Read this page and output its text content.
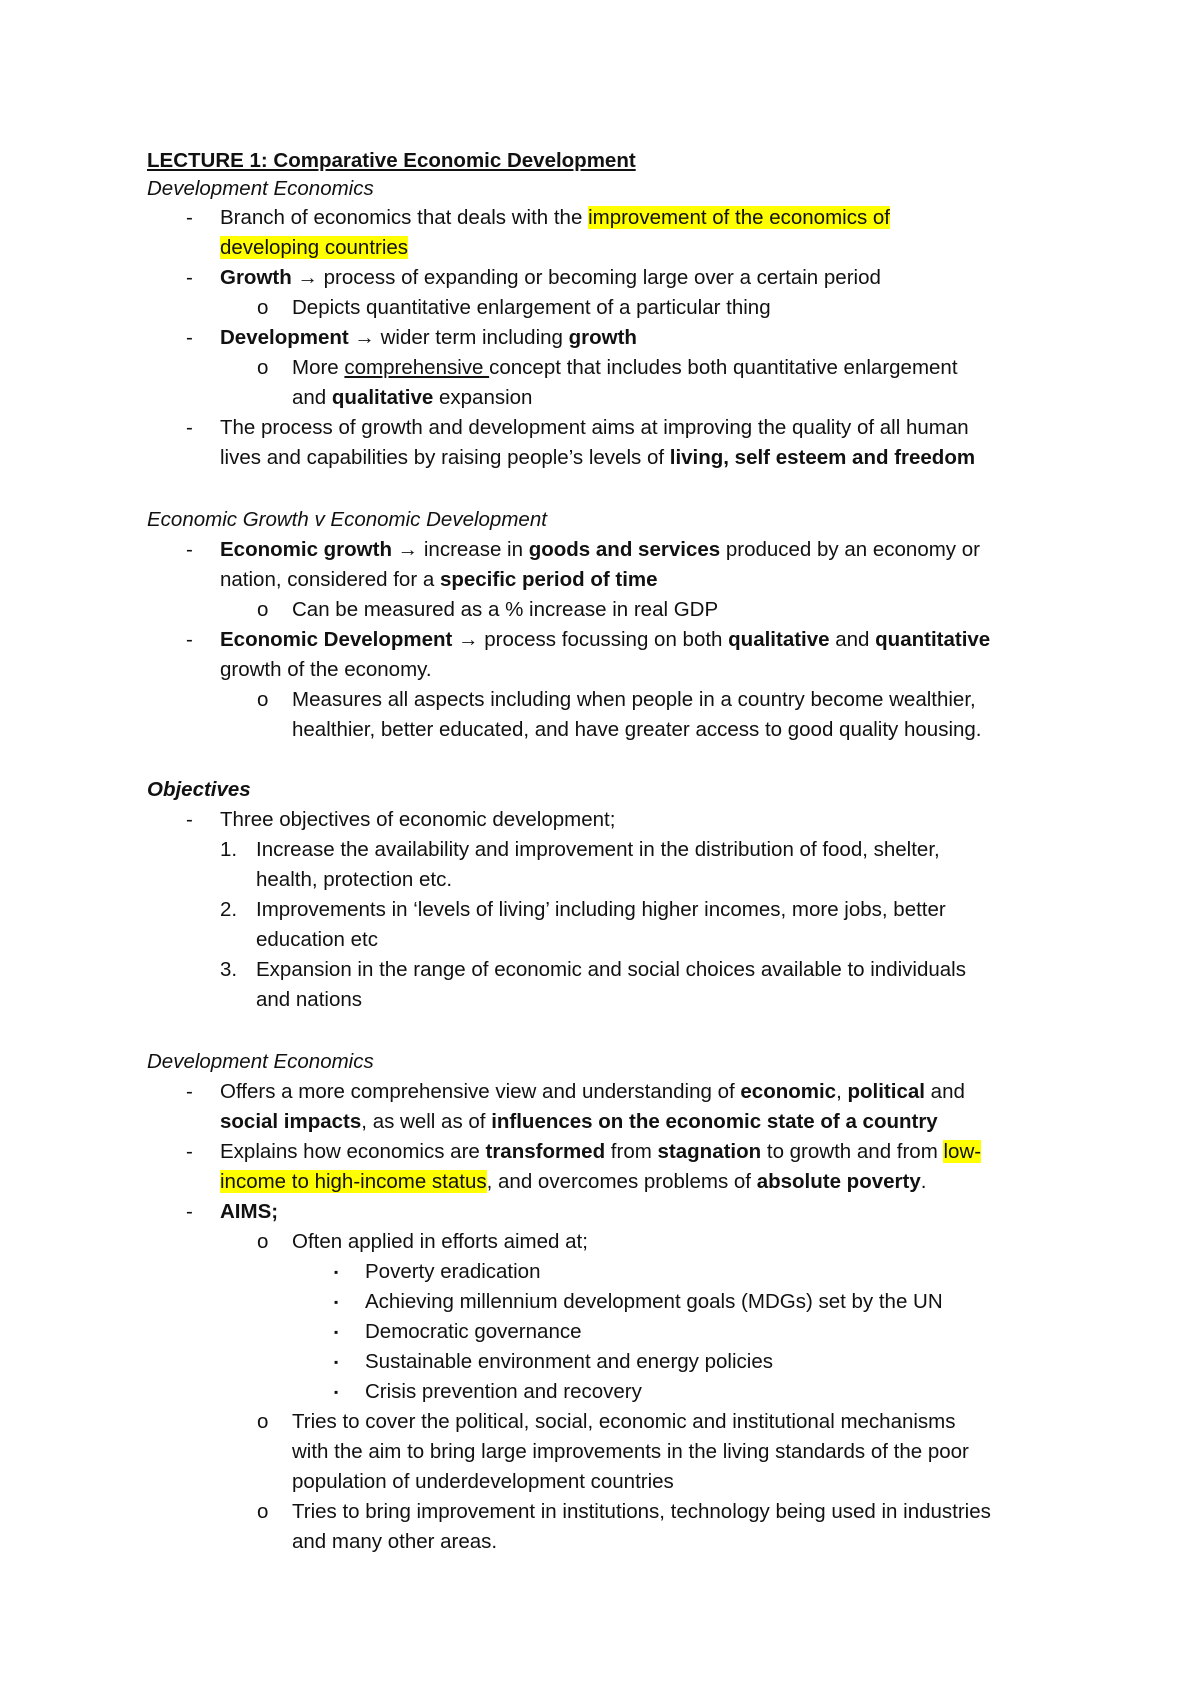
LECTURE 1: Comparative Economic Development
Development Economics
- Branch of economics that deals with the improvement of the economics of
developing countries
- Growth → process of expanding or becoming large over a certain period
o Depicts quantitative enlargement of a particular thing
- Development → wider term including growth
o More comprehensive concept that includes both quantitative enlargement
and qualitative expansion
- The process of growth and development aims at improving the quality of all human
lives and capabilities by raising people’s levels of living, self esteem and freedom
Economic Growth v Economic Development
- Economic growth → increase in goods and services produced by an economy or
nation, considered for a specific period of time
o Can be measured as a % increase in real GDP
- Economic Development → process focussing on both qualitative and quantitative
growth of the economy.
o Measures all aspects including when people in a country become wealthier,
healthier, better educated, and have greater access to good quality housing.
Objectives
- Three objectives of economic development;
1. Increase the availability and improvement in the distribution of food, shelter,
health, protection etc.
2. Improvements in ‘levels of living’ including higher incomes, more jobs, better
education etc
3. Expansion in the range of economic and social choices available to individuals
and nations
Development Economics
- Offers a more comprehensive view and understanding of economic, political and
social impacts, as well as of influences on the economic state of a country
- Explains how economics are transformed from stagnation to growth and from low-
income to high-income status, and overcomes problems of absolute poverty.
- AIMS;
o Often applied in efforts aimed at;
▪ Poverty eradication
▪ Achieving millennium development goals (MDGs) set by the UN
▪ Democratic governance
▪ Sustainable environment and energy policies
▪ Crisis prevention and recovery
o Tries to cover the political, social, economic and institutional mechanisms
with the aim to bring large improvements in the living standards of the poor
population of underdevelopment countries
o Tries to bring improvement in institutions, technology being used in industries
and many other areas.
